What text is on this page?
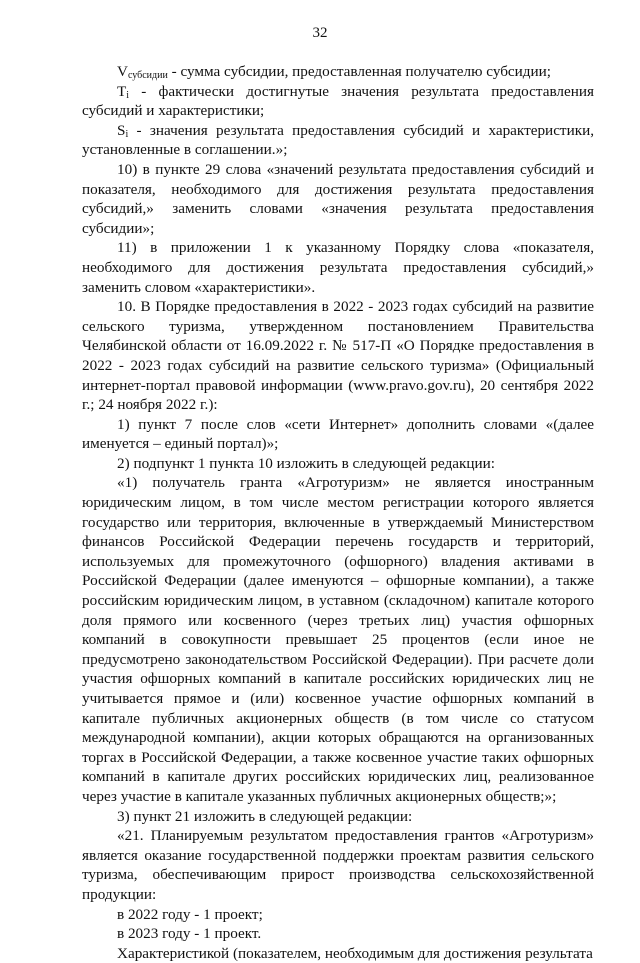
32

$V_{субсидии}$ - сумма субсидии, предоставленная получателю субсидии;

$T_i$ - фактически достигнутые значения результата предоставления субсидий и характеристики;

$S_i$ - значения результата предоставления субсидий и характеристики, установленные в соглашении.»;

10) в пункте 29 слова «значений результата предоставления субсидий и показателя, необходимого для достижения результата предоставления субсидий,» заменить словами «значения результата предоставления субсидии»;

11) в приложении 1 к указанному Порядку слова «показателя, необходимого для достижения результата предоставления субсидий,» заменить словом «характеристики».

10. В Порядке предоставления в 2022 - 2023 годах субсидий на развитие сельского туризма, утвержденном постановлением Правительства Челябинской области от 16.09.2022 г. № 517-П «О Порядке предоставления в 2022 - 2023 годах субсидий на развитие сельского туризма» (Официальный интернет-портал правовой информации (www.pravo.gov.ru), 20 сентября 2022 г.; 24 ноября 2022 г.):

1) пункт 7 после слов «сети Интернет» дополнить словами «(далее именуется – единый портал)»;

2) подпункт 1 пункта 10 изложить в следующей редакции:

«1) получатель гранта «Агротуризм» не является иностранным юридическим лицом, в том числе местом регистрации которого является государство или территория, включенные в утверждаемый Министерством финансов Российской Федерации перечень государств и территорий, используемых для промежуточного (офшорного) владения активами в Российской Федерации (далее именуются – офшорные компании), а также российским юридическим лицом, в уставном (складочном) капитале которого доля прямого или косвенного (через третьих лиц) участия офшорных компаний в совокупности превышает 25 процентов (если иное не предусмотрено законодательством Российской Федерации). При расчете доли участия офшорных компаний в капитале российских юридических лиц не учитывается прямое и (или) косвенное участие офшорных компаний в капитале публичных акционерных обществ (в том числе со статусом международной компании), акции которых обращаются на организованных торгах в Российской Федерации, а также косвенное участие таких офшорных компаний в капитале других российских юридических лиц, реализованное через участие в капитале указанных публичных акционерных обществ;»;

3) пункт 21 изложить в следующей редакции:

«21. Планируемым результатом предоставления грантов «Агротуризм» является оказание государственной поддержки проектам развития сельского туризма, обеспечивающим прирост производства сельскохозяйственной продукции:

в 2022 году - 1 проект;

в 2023 году - 1 проект.

Характеристикой (показателем, необходимым для достижения результата
